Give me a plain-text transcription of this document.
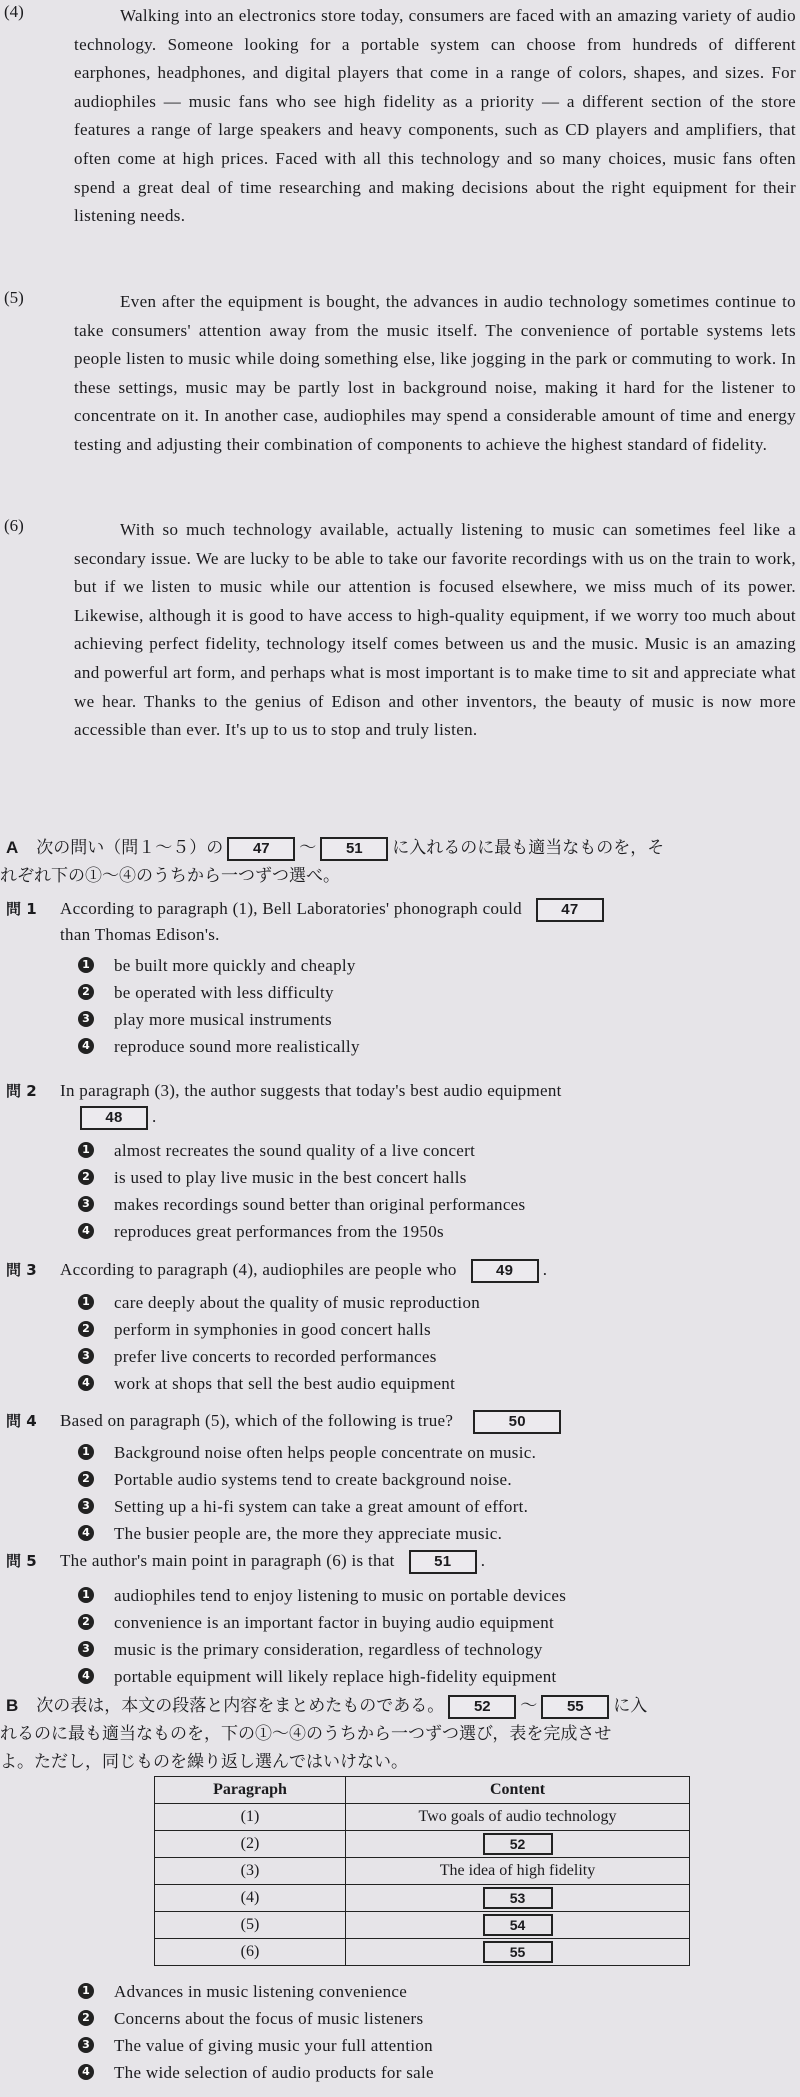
(4)	Walking into an electronics store today, consumers are faced with an amazing variety of audio technology. Someone looking for a portable system can choose from hundreds of different earphones, headphones, and digital players that come in a range of colors, shapes, and sizes. For audiophiles — music fans who see high fidelity as a priority — a different section of the store features a range of large speakers and heavy components, such as CD players and amplifiers, that often come at high prices. Faced with all this technology and so many choices, music fans often spend a great deal of time researching and making decisions about the right equipment for their listening needs.
(5)	Even after the equipment is bought, the advances in audio technology sometimes continue to take consumers' attention away from the music itself. The convenience of portable systems lets people listen to music while doing something else, like jogging in the park or commuting to work. In these settings, music may be partly lost in background noise, making it hard for the listener to concentrate on it. In another case, audiophiles may spend a considerable amount of time and energy testing and adjusting their combination of components to achieve the highest standard of fidelity.
(6)	With so much technology available, actually listening to music can sometimes feel like a secondary issue. We are lucky to be able to take our favorite recordings with us on the train to work, but if we listen to music while our attention is focused elsewhere, we miss much of its power. Likewise, although it is good to have access to high-quality equipment, if we worry too much about achieving perfect fidelity, technology itself comes between us and the music. Music is an amazing and powerful art form, and perhaps what is most important is to make time to sit and appreciate what we hear. Thanks to the genius of Edison and other inventors, the beauty of music is now more accessible than ever. It's up to us to stop and truly listen.
A 次の問い（問１～５）の 47 ～ 51 に入れるのに最も適当なものを，そ
れぞれ下の①～④のうちから一つずつ選べ。
問 1 According to paragraph (1), Bell Laboratories' phonograph could	47
than Thomas Edison's.
1 be built more quickly and cheaply
2 be operated with less difficulty
3 play more musical instruments
4 reproduce sound more realistically
問 2 In paragraph (3), the author suggests that today's best audio equipment
48 .
1 almost recreates the sound quality of a live concert
2 is used to play live music in the best concert halls
3 makes recordings sound better than original performances
4 reproduces great performances from the 1950s
問 3 According to paragraph (4), audiophiles are people who	49 .
1 care deeply about the quality of music reproduction
2 perform in symphonies in good concert halls
3 prefer live concerts to recorded performances
4 work at shops that sell the best audio equipment
問 4 Based on paragraph (5), which of the following is true?	50
1 Background noise often helps people concentrate on music.
2 Portable audio systems tend to create background noise.
3 Setting up a hi-fi system can take a great amount of effort.
4 The busier people are, the more they appreciate music.
問 5 The author's main point in paragraph (6) is that	51 .
1 audiophiles tend to enjoy listening to music on portable devices
2 convenience is an important factor in buying audio equipment
3 music is the primary consideration, regardless of technology
4 portable equipment will likely replace high-fidelity equipment
B 次の表は，本文の段落と内容をまとめたものである。 52 ～ 55 に入
れるのに最も適当なものを，下の①～④のうちから一つずつ選び，表を完成させ
よ。ただし，同じものを繰り返し選んではいけない。
Paragraph	Content
(1)	Two goals of audio technology
(2)	52
(3)	The idea of high fidelity
(4)	53
(5)	54
(6)	55
1 Advances in music listening convenience
2 Concerns about the focus of music listeners
3 The value of giving music your full attention
4 The wide selection of audio products for sale
